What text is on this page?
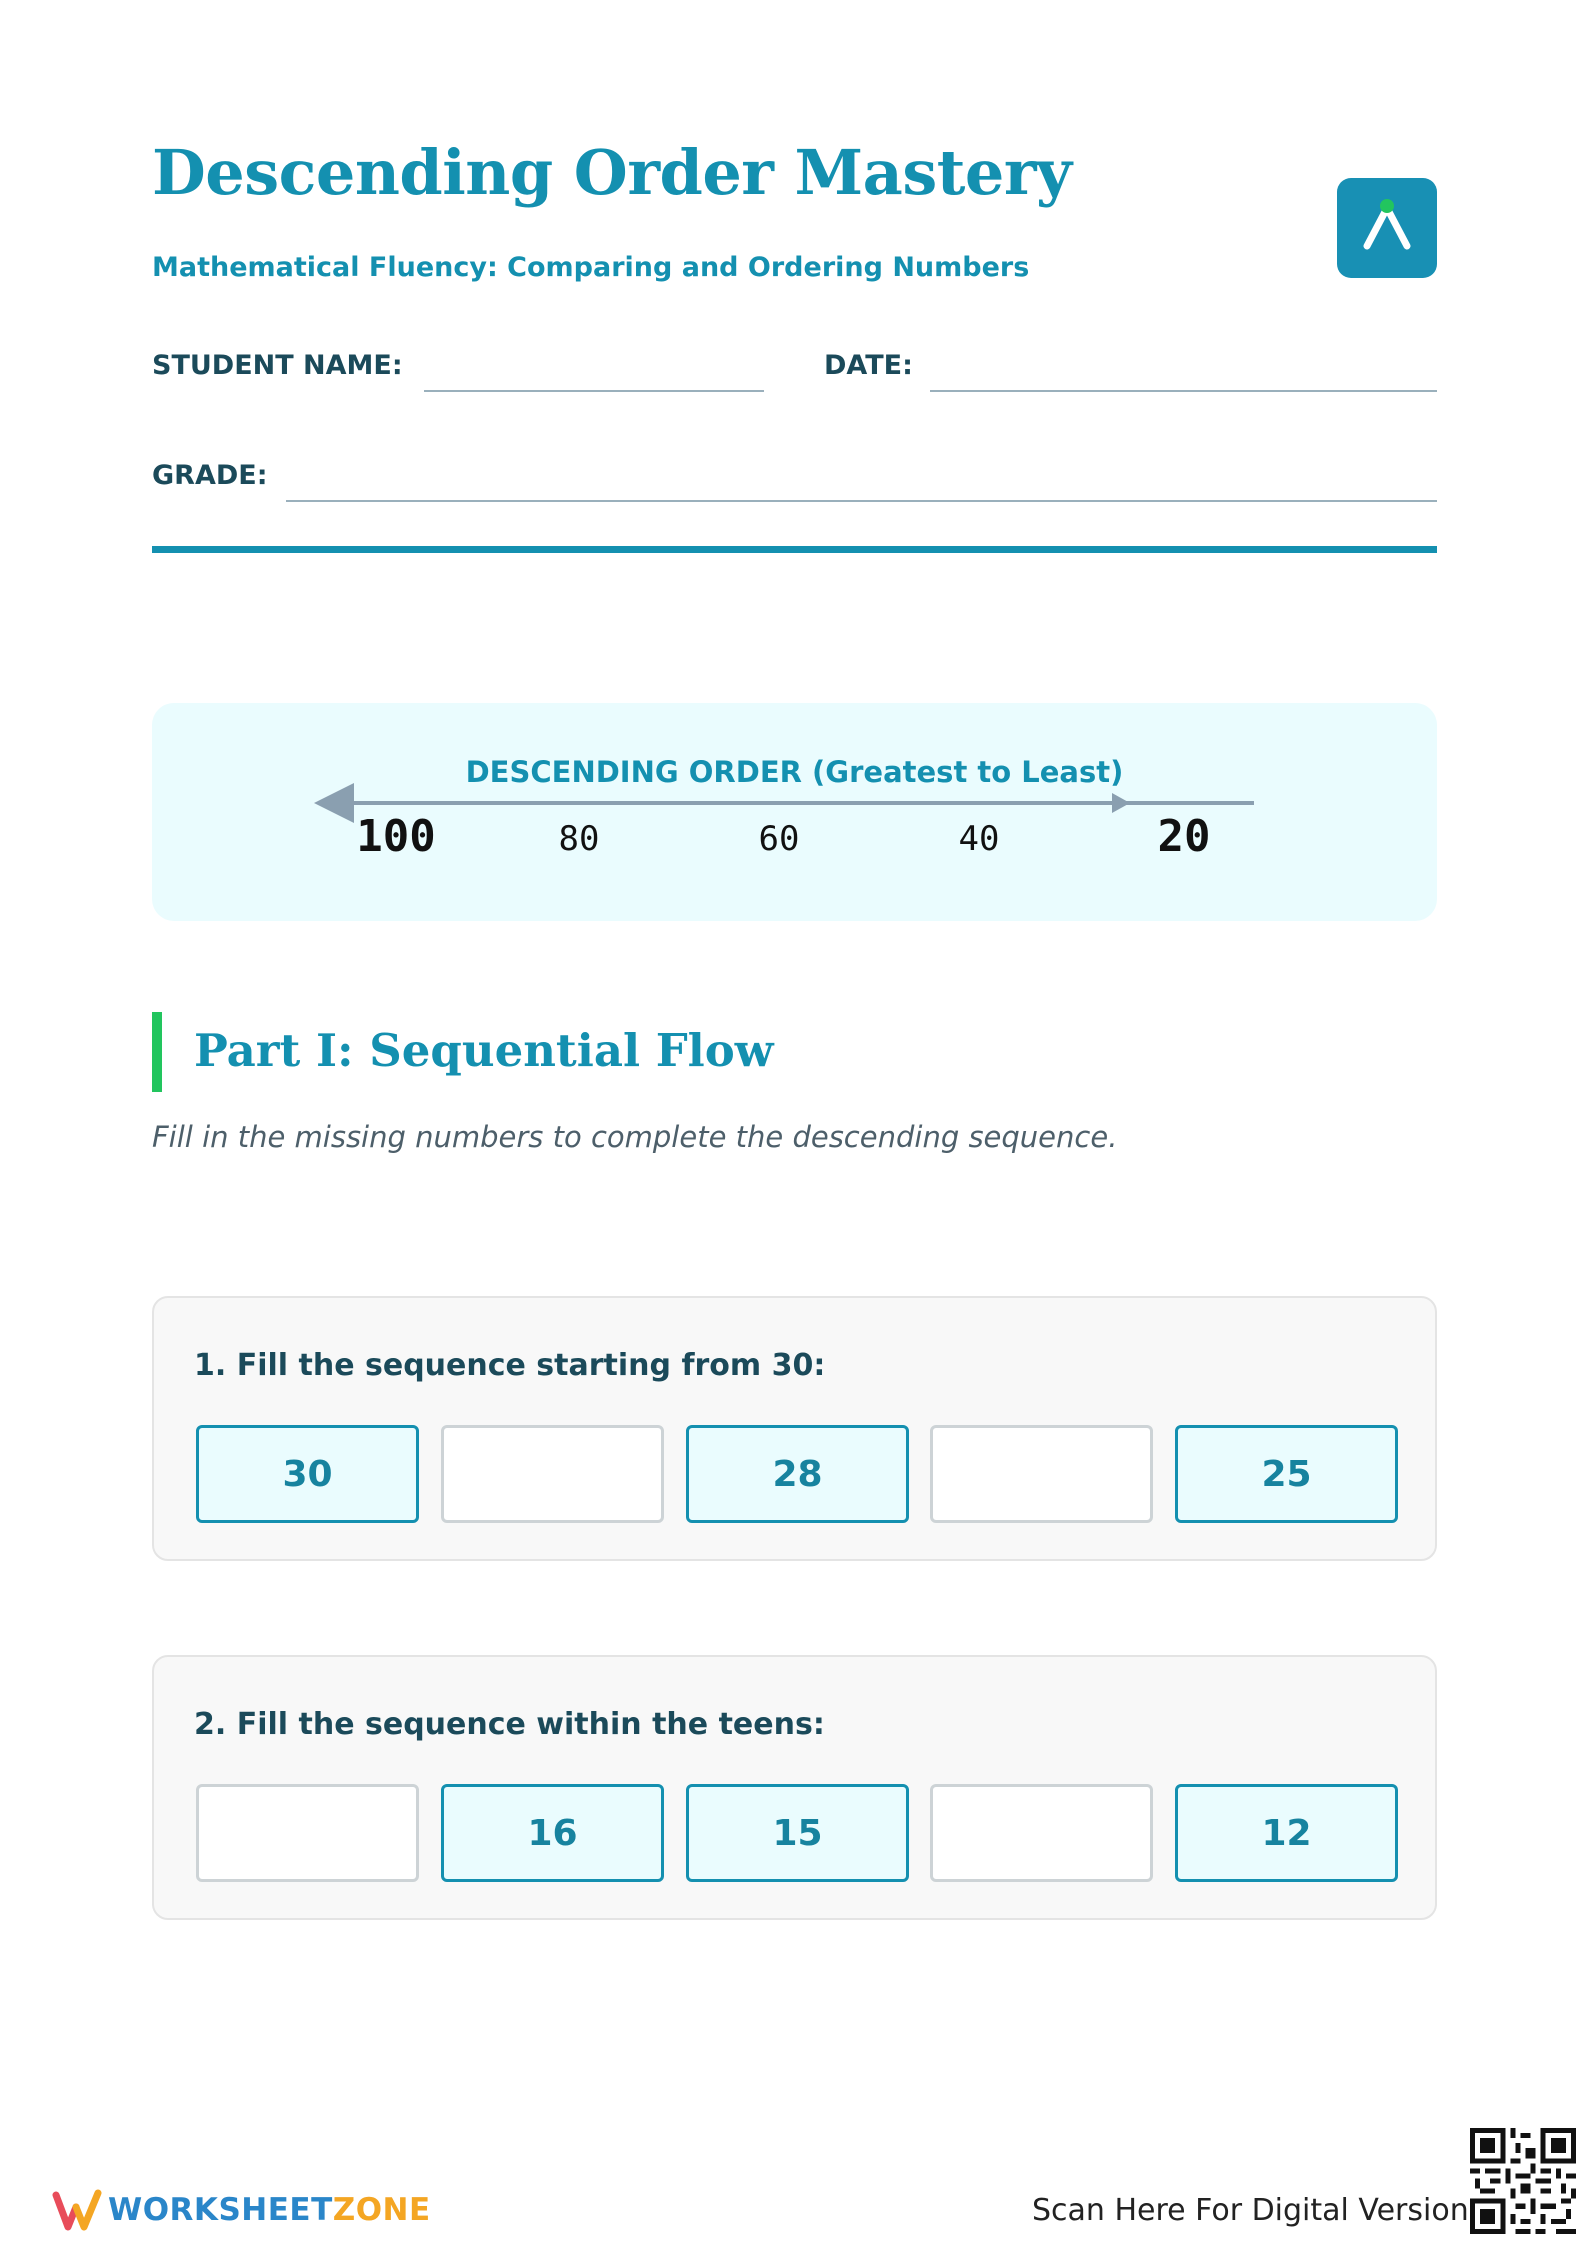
Descending Order Mastery
Mathematical Fluency: Comparing and Ordering Numbers
STUDENT NAME:	DATE:
GRADE:
DESCENDING ORDER (Greatest to Least)
100	80	60	40	20
Part I: Sequential Flow
Fill in the missing numbers to complete the descending sequence.
1. Fill the sequence starting from 30:
30	28	25
2. Fill the sequence within the teens:
16	15	12
WORKSHEETZONE	Scan Here For Digital Version
